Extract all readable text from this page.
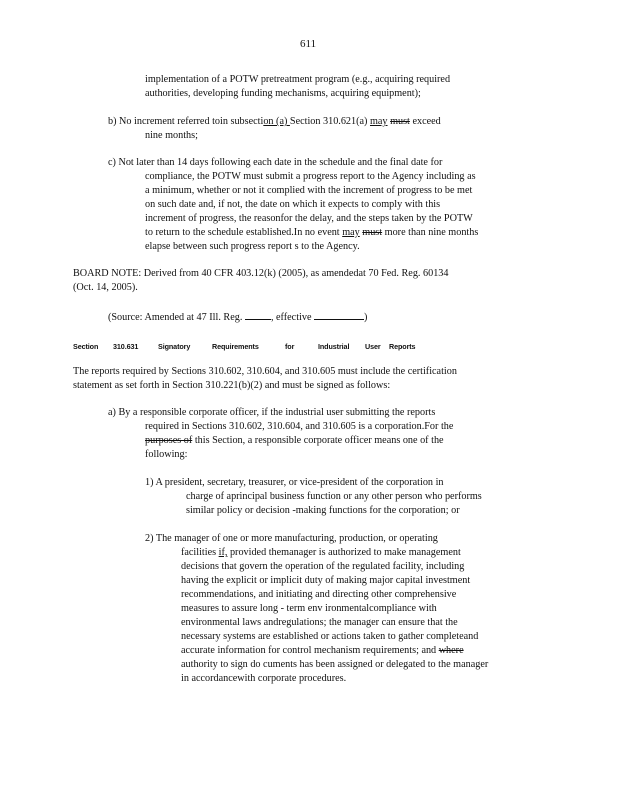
611
implementation of a POTW pretreatment program (e.g., acquiring required
authorities, developing funding mechanisms, acquiring equipment);
b) No increment referred toin subsection (a) Section 310.621(a) may must exceed
nine months;
c) Not later than 14 days following each date in the schedule and the final date for
compliance, the POTW must submit a progress report to the Agency including as
a minimum, whether or not it complied with the increment of progress to be met
on such date and, if not, the date on which it expects to comply with this
increment of progress, the reasonfor the delay, and the steps taken by the POTW
to return to the schedule established.In no event may must more than nine months
elapse between such progress report s to the Agency.
BOARD NOTE: Derived from 40 CFR 403.12(k) (2005), as amendedat 70 Fed. Reg. 60134
(Oct. 14, 2005).
(Source: Amended at 47 Ill. Reg.	, effective	)
Section 310.631	Signatory	Requirements	for	Industrial User Reports
The reports required by Sections 310.602, 310.604, and 310.605 must include the certification
statement as set forth in Section 310.221(b)(2) and must be signed as follows:
a) By a responsible corporate officer, if the industrial user submitting the reports
required in Sections 310.602, 310.604, and 310.605 is a corporation.For the
purposes of this Section, a responsible corporate officer means one of the
following:
1) A president, secretary, treasurer, or vice-president of the corporation in
charge of aprincipal business function or any other person who performs
similar policy or decision -making functions for the corporation; or
2) The manager of one or more manufacturing, production, or operating
facilities if, provided themanager is authorized to make management
decisions that govern the operation of the regulated facility, including
having the explicit or implicit duty of making major capital investment
recommendations, and initiating and directing other comprehensive
measures to assure long - term env ironmentalcompliance with
environmental laws andregulations; the manager can ensure that the
necessary systems are established or actions taken to gather completeand
accurate information for control mechanism requirements; and where
authority to sign do cuments has been assigned or delegated to the manager
in accordancewith corporate procedures.
